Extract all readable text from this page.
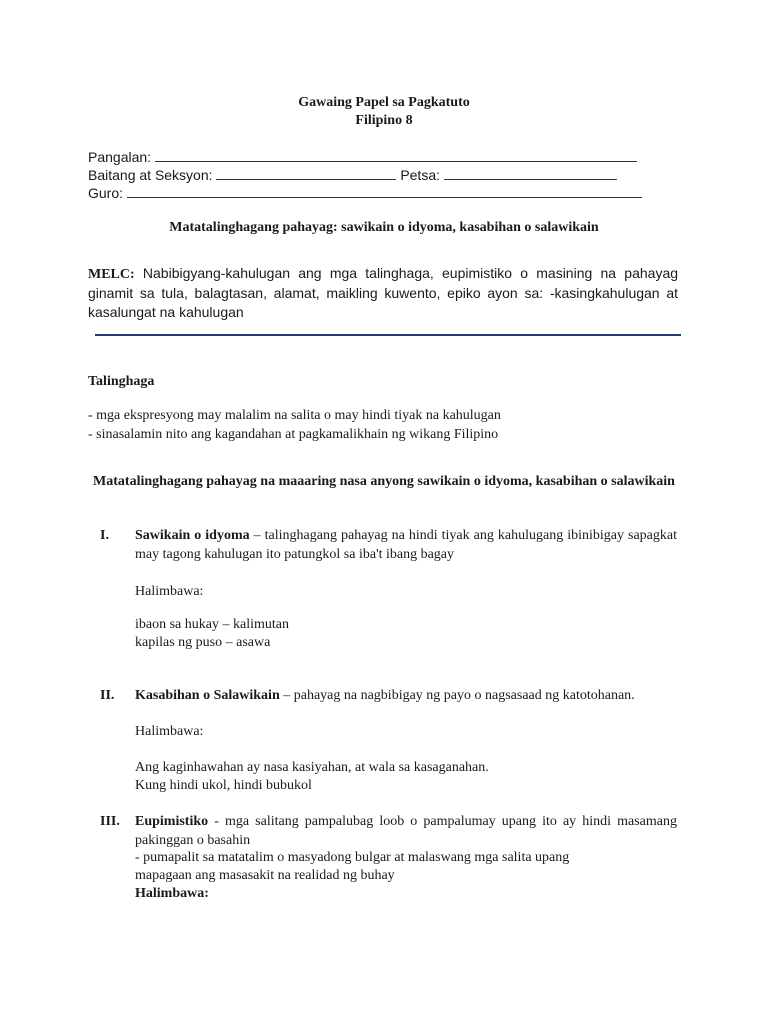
Gawaing Papel sa Pagkatuto
Filipino 8
Pangalan:
Baitang at Seksyon:	Petsa:
Guro:
Matatalinghagang pahayag: sawikain o idyoma, kasabihan o salawikain
MELC: Nabibigyang-kahulugan ang mga talinghaga, eupimistiko o masining na pahayag ginamit sa tula, balagtasan, alamat, maikling kuwento, epiko ayon sa: -kasingkahulugan at kasalungat na kahulugan
Talinghaga
- mga ekspresyong may malalim na salita o may hindi tiyak na kahulugan
- sinasalamin nito ang kagandahan at pagkamalikhain ng wikang Filipino
Matatalinghagang pahayag na maaaring nasa anyong sawikain o idyoma, kasabihan o salawikain
I. Sawikain o idyoma – talinghagang pahayag na hindi tiyak ang kahulugang ibinibigay sapagkat may tagong kahulugan ito patungkol sa iba't ibang bagay
Halimbawa:
ibaon sa hukay – kalimutan
kapilas ng puso – asawa
II. Kasabihan o Salawikain – pahayag na nagbibigay ng payo o nagsasaad ng katotohanan.
Halimbawa:
Ang kaginhawahan ay nasa kasiyahan, at wala sa kasaganahan.
Kung hindi ukol, hindi bubukol
III. Eupimistiko - mga salitang pampalubag loob o pampalumay upang ito ay hindi masamang pakinggan o basahin
- pumapalit sa matatalim o masyadong bulgar at malaswang mga salita upang
mapagaan ang masasakit na realidad ng buhay
Halimbawa:
